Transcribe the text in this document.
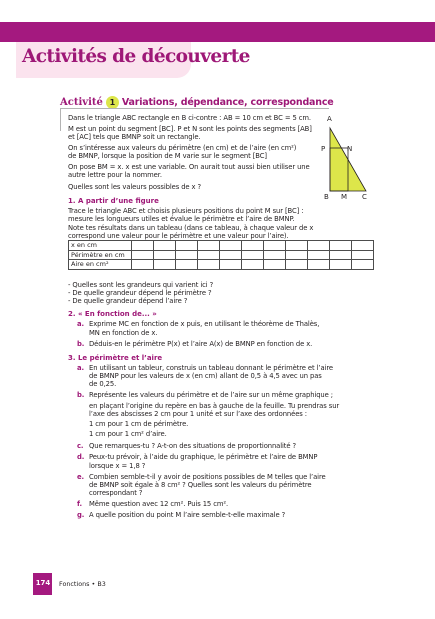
Activités de découverte
Activité 1 Variations, dépendance, correspondance
Dans le triangle ABC rectangle en B ci-contre : AB = 10 cm et BC = 5 cm.
M est un point du segment [BC]. P et N sont les points des segments [AB]
et [AC] tels que BMNP soit un rectangle.
On s’intéresse aux valeurs du périmètre (en cm) et de l’aire (en cm²)
de BMNP, lorsque la position de M varie sur le segment [BC]
On pose BM = x. x est une variable. On aurait tout aussi bien utiliser une
autre lettre pour la nommer.
Quelles sont les valeurs possibles de x ?
A
P	N
B M C
1. A partir d’une figure
Trace le triangle ABC et choisis plusieurs positions du point M sur [BC] :
mesure les longueurs utiles et évalue le périmètre et l’aire de BMNP.
Note tes résultats dans un tableau (dans ce tableau, à chaque valeur de x
correspond une valeur pour le périmètre et une valeur pour l’aire).
x en cm											
Périmètre en cm											
Aire en cm²											
- Quelles sont les grandeurs qui varient ici ?
- De quelle grandeur dépend le périmètre ?
- De quelle grandeur dépend l’aire ?
2. « En fonction de... »
a. Exprime MC en fonction de x puis, en utilisant le théorème de Thalès,
MN en fonction de x.
b. Déduis-en le périmètre P(x) et l’aire A(x) de BMNP en fonction de x.
3. Le périmètre et l’aire
a. En utilisant un tableur, construis un tableau donnant le périmètre et l’aire
de BMNP pour les valeurs de x (en cm) allant de 0,5 à 4,5 avec un pas
de 0,25.
b. Représente les valeurs du périmètre et de l’aire sur un même graphique ;
en plaçant l’origine du repère en bas à gauche de la feuille. Tu prendras sur
l’axe des abscisses 2 cm pour 1 unité et sur l’axe des ordonnées :
1 cm pour 1 cm de périmètre.
1 cm pour 1 cm² d’aire.
c. Que remarques-tu ? A-t-on des situations de proportionnalité ?
d. Peux-tu prévoir, à l’aide du graphique, le périmètre et l’aire de BMNP
lorsque x = 1,8 ?
e. Combien semble-t-il y avoir de positions possibles de M telles que l’aire
de BMNP soit égale à 8 cm² ? Quelles sont les valeurs du périmètre
correspondant ?
f. Même question avec 12 cm². Puis 15 cm².
g. A quelle position du point M l’aire semble-t-elle maximale ?
174 Fonctions • B3
